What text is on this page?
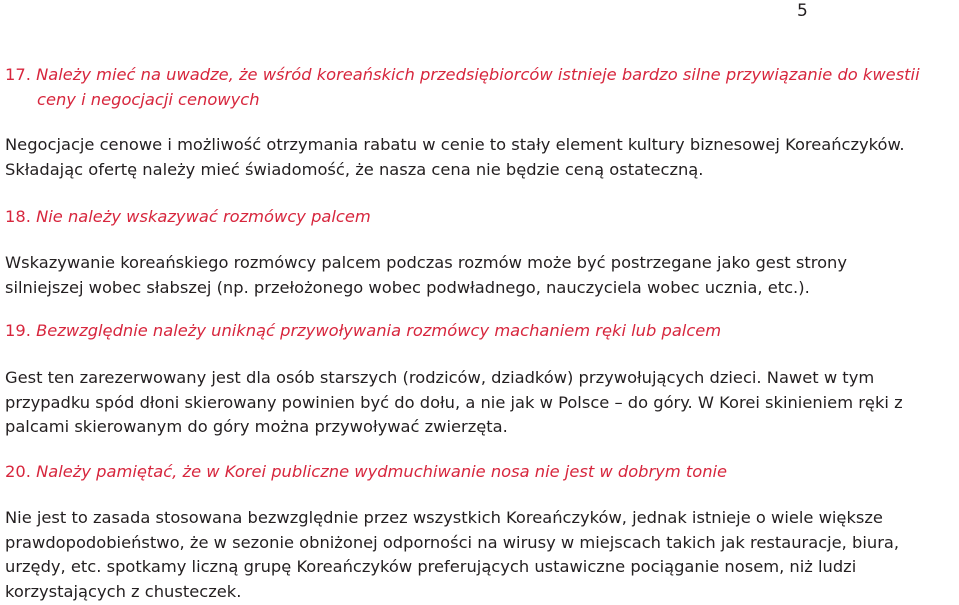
5
17. Należy mieć na uwadze, że wśród koreańskich przedsiębiorców istnieje bardzo silne przywiązanie do kwestii
ceny i negocjacji cenowych
Negocjacje cenowe i możliwość otrzymania rabatu w cenie to stały element kultury biznesowej Koreańczyków.
Składając ofertę należy mieć świadomość, że nasza cena nie będzie ceną ostateczną.
18. Nie należy wskazywać rozmówcy palcem
Wskazywanie koreańskiego rozmówcy palcem podczas rozmów może być postrzegane jako gest strony
silniejszej wobec słabszej (np. przełożonego wobec podwładnego, nauczyciela wobec ucznia, etc.).
19. Bezwzględnie należy uniknąć przywoływania rozmówcy machaniem ręki lub palcem
Gest ten zarezerwowany jest dla osób starszych (rodziców, dziadków) przywołujących dzieci. Nawet w tym
przypadku spód dłoni skierowany powinien być do dołu, a nie jak w Polsce – do góry. W Korei skinieniem ręki z
palcami skierowanym do góry można przywoływać zwierzęta.
20. Należy pamiętać, że w Korei publiczne wydmuchiwanie nosa nie jest w dobrym tonie
Nie jest to zasada stosowana bezwzględnie przez wszystkich Koreańczyków, jednak istnieje o wiele większe
prawdopodobieństwo, że w sezonie obniżonej odporności na wirusy w miejscach takich jak restauracje, biura,
urzędy, etc. spotkamy liczną grupę Koreańczyków preferujących ustawiczne pociąganie nosem, niż ludzi
korzystających z chusteczek.
